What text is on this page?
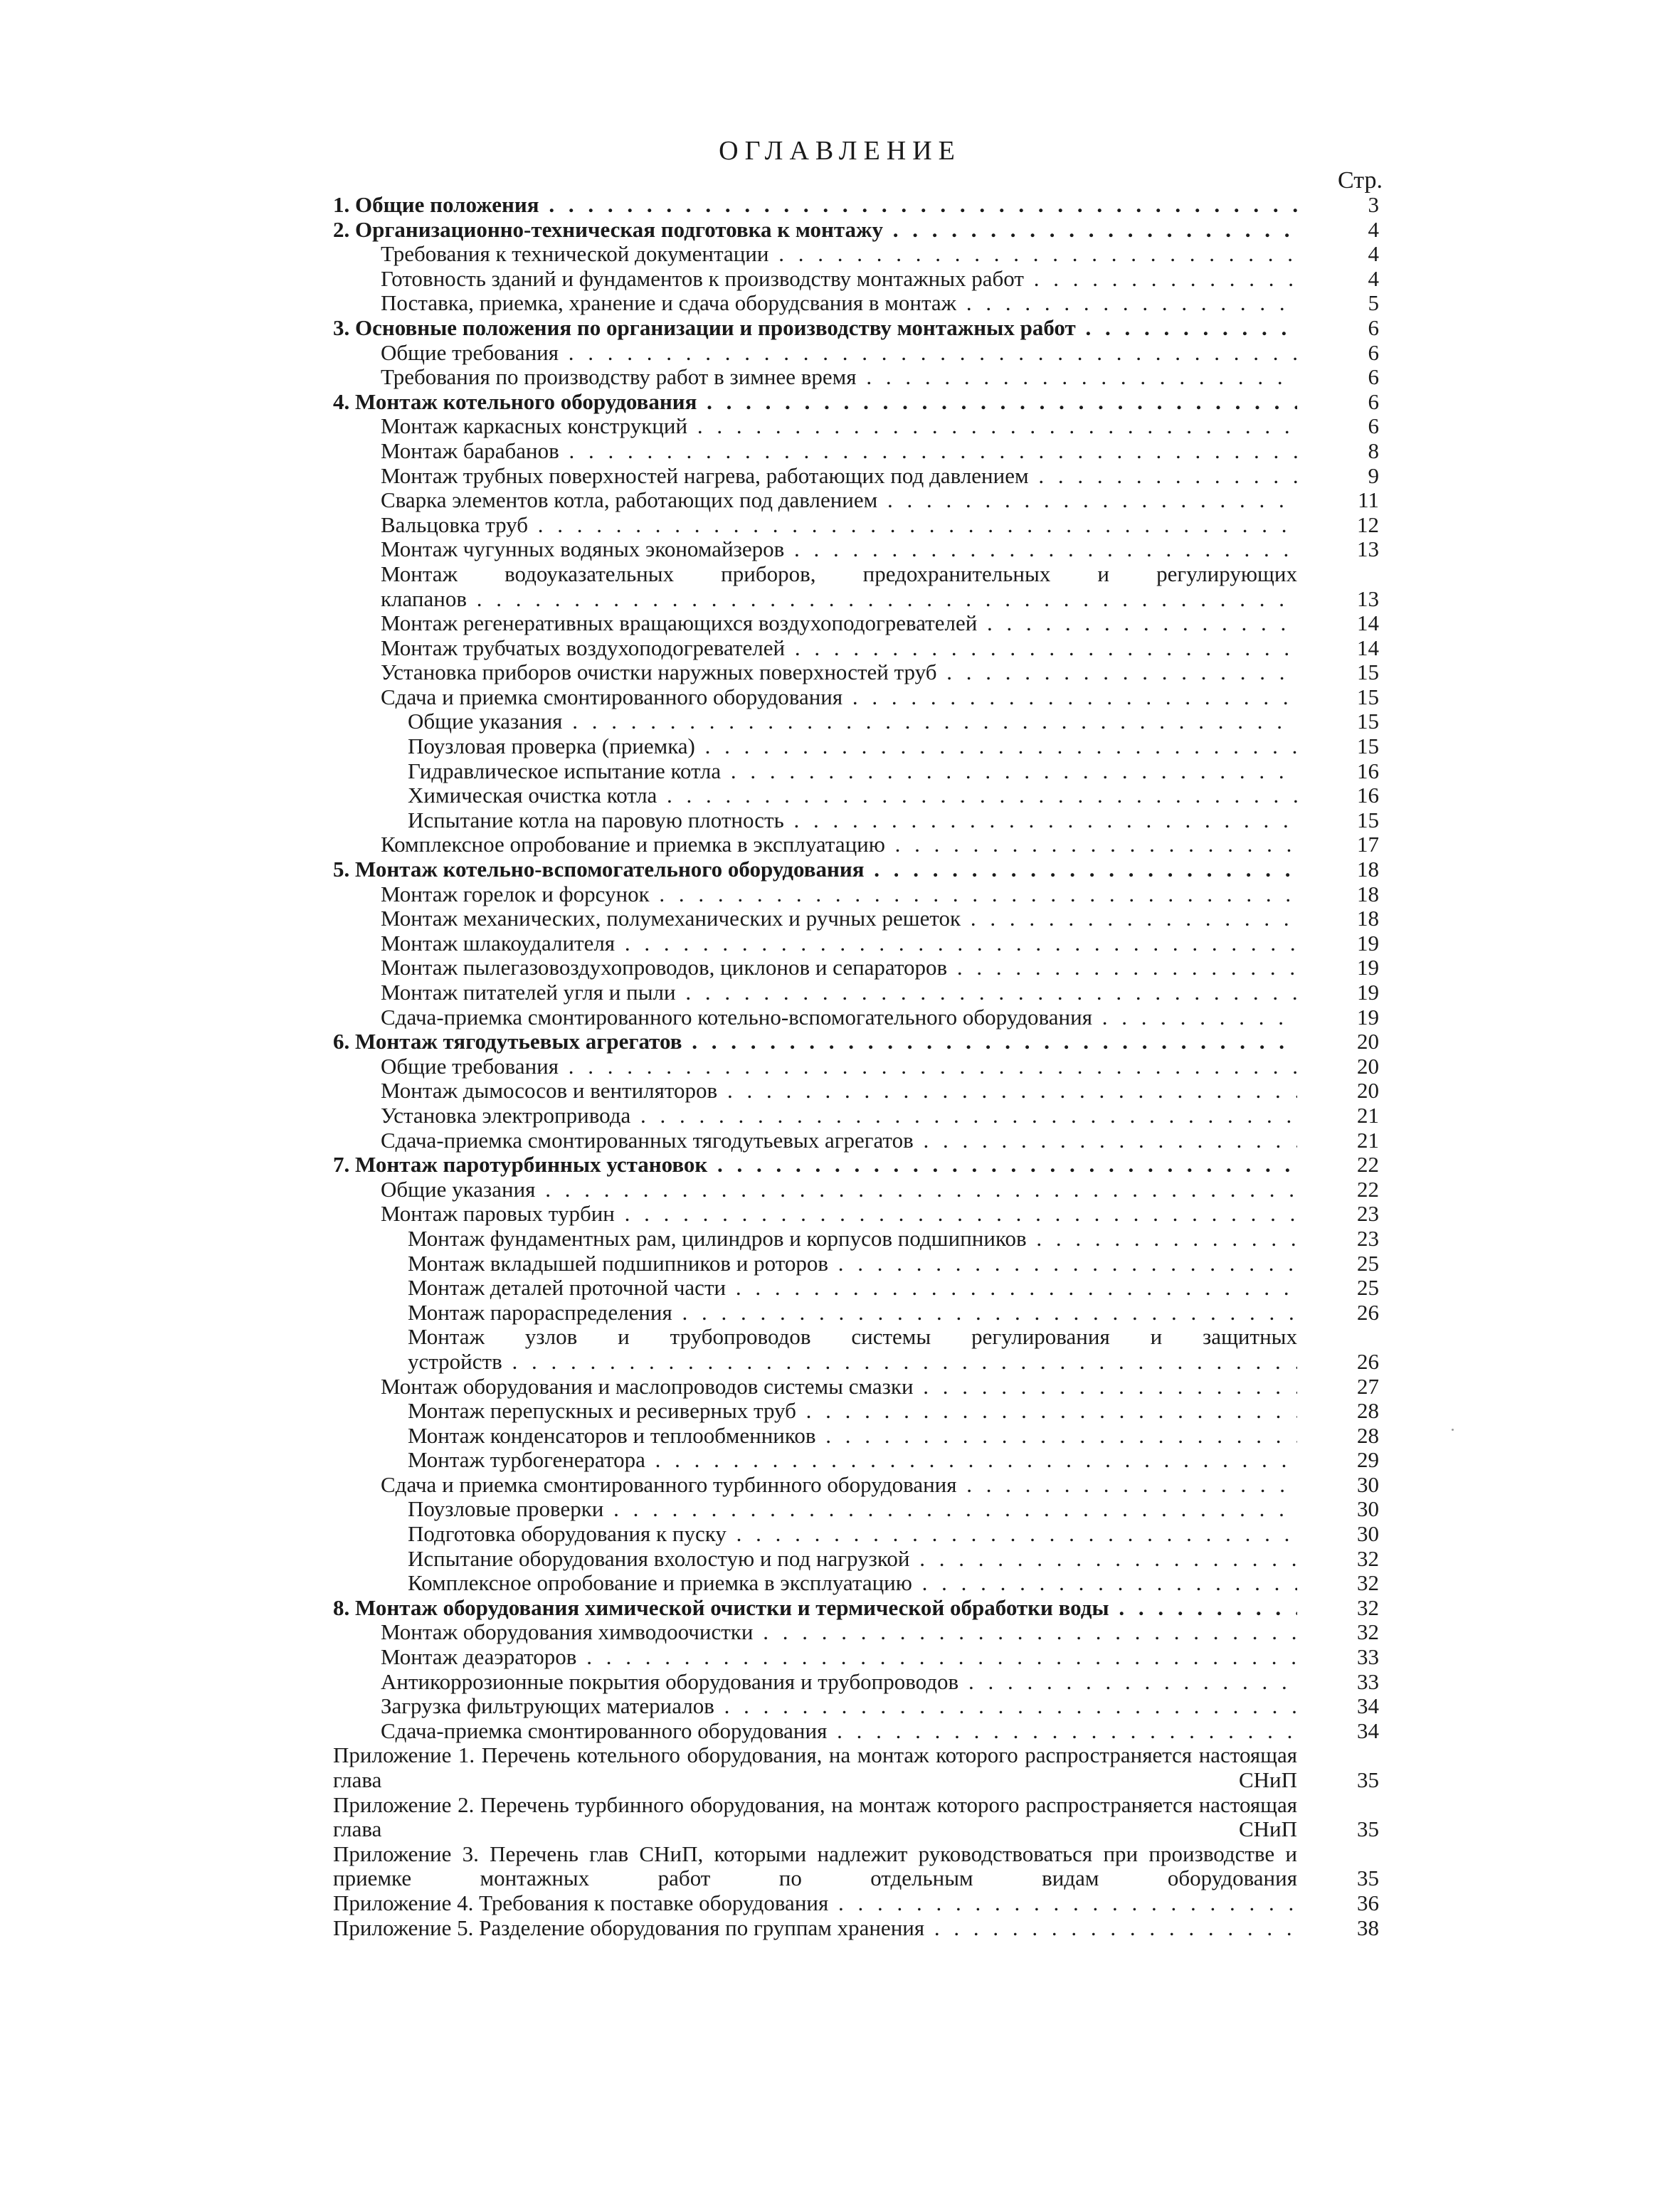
ОГЛАВЛЕНИЕ
Стр.
1. Общие положения . . .	3
2. Организационно-техническая подготовка к монтажу . . .	4
Требования к технической документации . . .	4
Готовность зданий и фундаментов к производству монтажных работ . . .	4
Поставка, приемка, хранение и сдача оборудсвания в монтаж . . .	5
3. Основные положения по организации и производству монтажных работ . . .	6
Общие требования . . .	6
Требования по производству работ в зимнее время . . .	6
4. Монтаж котельного оборудования . . .	6
Монтаж каркасных конструкций . . .	6
Монтаж барабанов . . .	8
Монтаж трубных поверхностей нагрева, работающих под давлением . . .	9
Сварка элементов котла, работающих под давлением . . .	11
Вальцовка труб . . .	12
Монтаж чугунных водяных экономайзеров . . .	13
Монтаж водоуказательных приборов, предохранительных и регулирующих клапанов . . .	13
Монтаж регенеративных вращающихся воздухоподогревателей . . .	14
Монтаж трубчатых воздухоподогревателей . . .	14
Установка приборов очистки наружных поверхностей труб . . .	15
Сдача и приемка смонтированного оборудования . . .	15
Общие указания . . .	15
Поузловая проверка (приемка) . . .	15
Гидравлическое испытание котла . . .	16
Химическая очистка котла . . .	16
Испытание котла на паровую плотность . . .	15
Комплексное опробование и приемка в эксплуатацию . . .	17
5. Монтаж котельно-вспомогательного оборудования . . .	18
Монтаж горелок и форсунок . . .	18
Монтаж механических, полумеханических и ручных решеток . . .	18
Монтаж шлакоудалителя . . .	19
Монтаж пылегазовоздухопроводов, циклонов и сепараторов . . .	19
Монтаж питателей угля и пыли . . .	19
Сдача-приемка смонтированного котельно-вспомогательного оборудования . . .	19
6. Монтаж тягодутьевых агрегатов . . .	20
Общие требования . . .	20
Монтаж дымососов и вентиляторов . . .	20
Установка электропривода . . .	21
Сдача-приемка смонтированных тягодутьевых агрегатов . . .	21
7. Монтаж паротурбинных установок . . .	22
Общие указания . . .	22
Монтаж паровых турбин . . .	23
Монтаж фундаментных рам, цилиндров и корпусов подшипников . . .	23
Монтаж вкладышей подшипников и роторов . . .	25
Монтаж деталей проточной части . . .	25
Монтаж парораспределения . . .	26
Монтаж узлов и трубопроводов системы регулирования и защитных устройств . . .	26
Монтаж оборудования и маслопроводов системы смазки . . .	27
Монтаж перепускных и ресиверных труб . . .	28
Монтаж конденсаторов и теплообменников . . .	28
Монтаж турбогенератора . . .	29
Сдача и приемка смонтированного турбинного оборудования . . .	30
Поузловые проверки . . .	30
Подготовка оборудования к пуску . . .	30
Испытание оборудования вхолостую и под нагрузкой . . .	32
Комплексное опробование и приемка в эксплуатацию . . .	32
8. Монтаж оборудования химической очистки и термической обработки воды . . .	32
Монтаж оборудования химводоочистки . . .	32
Монтаж деаэраторов . . .	33
Антикоррозионные покрытия оборудования и трубопроводов . . .	33
Загрузка фильтрующих материалов . . .	34
Сдача-приемка смонтированного оборудования . . .	34
Приложение 1. Перечень котельного оборудования, на монтаж которого распространяется настоящая глава СНиП	35
Приложение 2. Перечень турбинного оборудования, на монтаж которого распространяется настоящая глава СНиП	35
Приложение 3. Перечень глав СНиП, которыми надлежит руководствоваться при производстве и приемке монтажных работ по отдельным видам оборудования	35
Приложение 4. Требования к поставке оборудования . . .	36
Приложение 5. Разделение оборудования по группам хранения . . .	38
